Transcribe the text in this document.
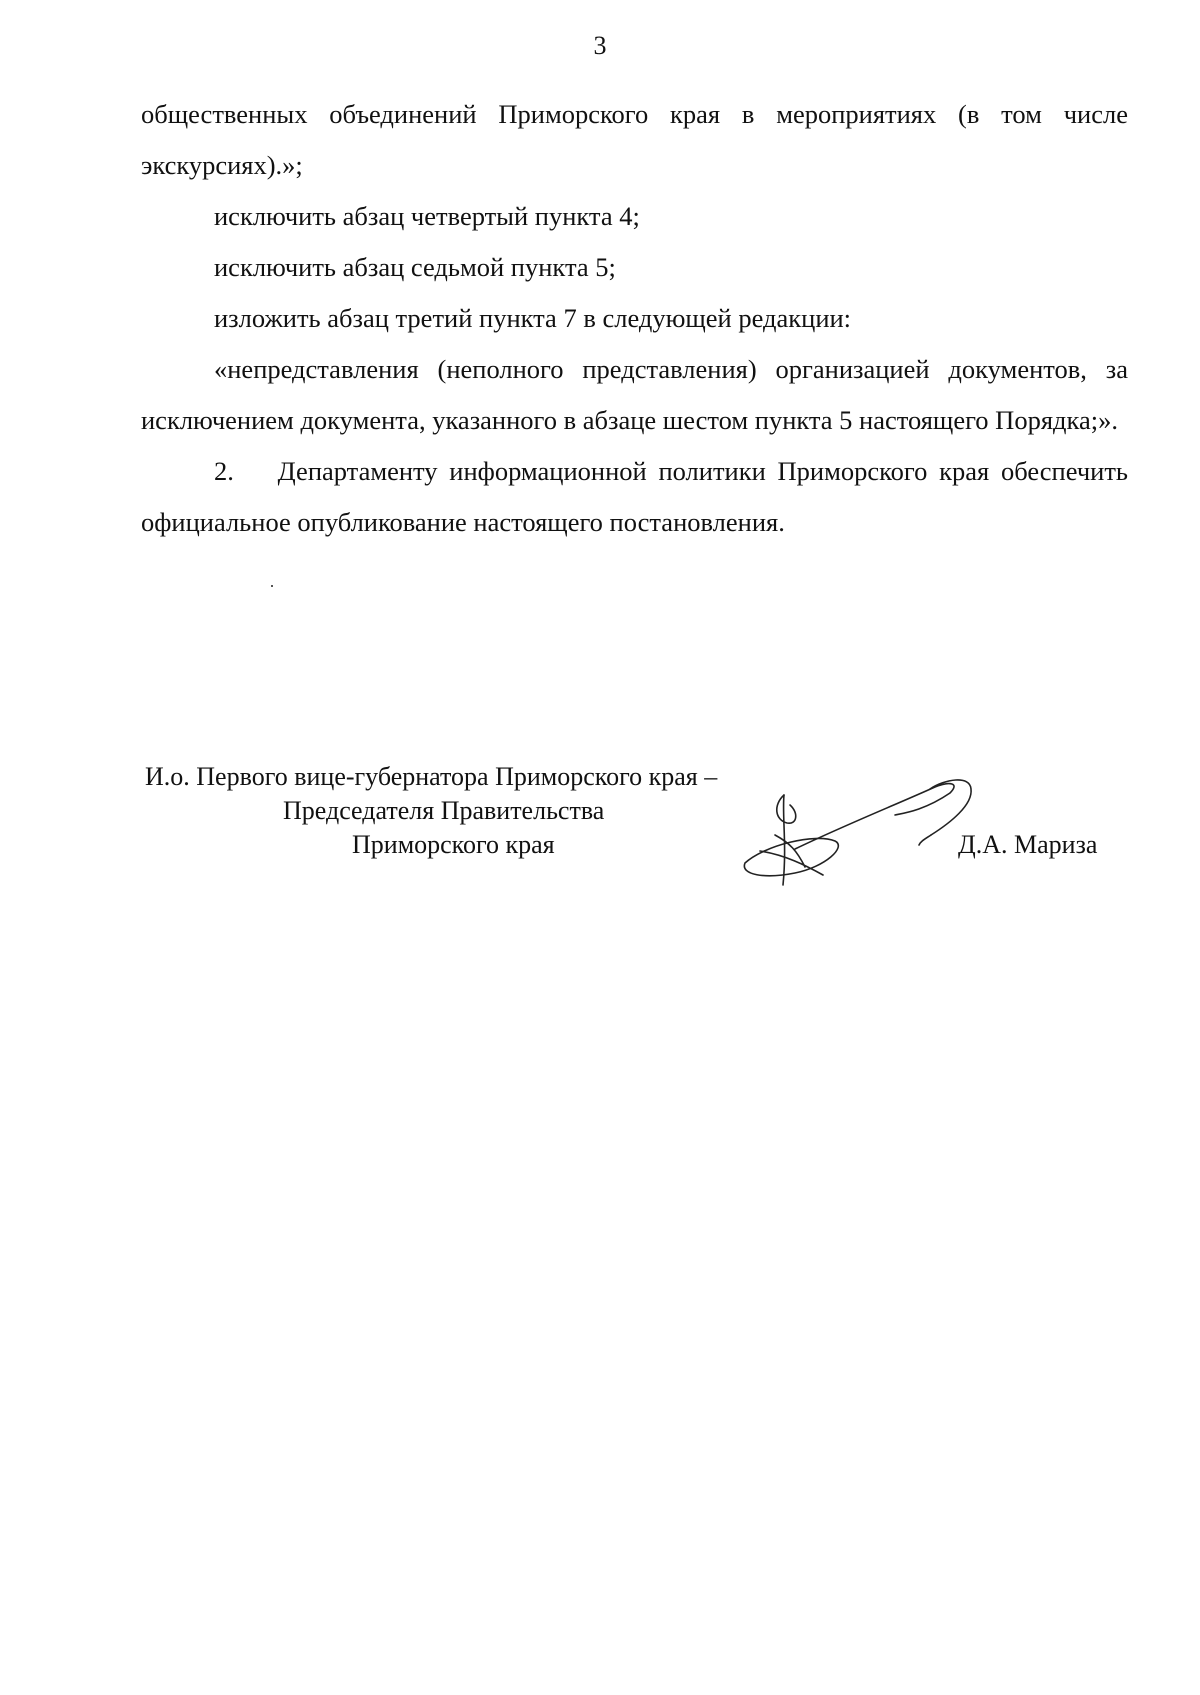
3

общественных объединений Приморского края в мероприятиях (в том числе экскурсиях).»;

исключить абзац четвертый пункта 4;

исключить абзац седьмой пункта 5;

изложить абзац третий пункта 7 в следующей редакции:

«непредставления (неполного представления) организацией документов, за исключением документа, указанного в абзаце шестом пункта 5 настоящего Порядка;».

2. Департаменту информационной политики Приморского края обеспечить официальное опубликование настоящего постановления.

И.о. Первого вице-губернатора Приморского края –
Председателя Правительства
Приморского края	Д.А. Мариза
